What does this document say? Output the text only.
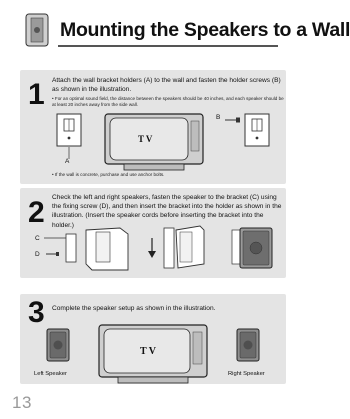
Mounting the Speakers to a Wall
1 Attach the wall bracket holders (A) to the wall and fasten the holder screws (B) as shown in the illustration.
• For an optimal sound field, the distance between the speakers should be 40 inches, and each speaker should be at least 20 inches away from the side wall.
A
T V
B
• If the wall is concrete, purchase and use anchor bolts.
2 Check the left and right speakers, fasten the speaker to the bracket (C) using the fixing screw (D), and then insert the bracket into the holder as shown in the illustration. (Insert the speaker cords before inserting the bracket into the holder.)
C
D
3 Complete the speaker setup as shown in the illustration.
T V
Left Speaker	Right Speaker
13
